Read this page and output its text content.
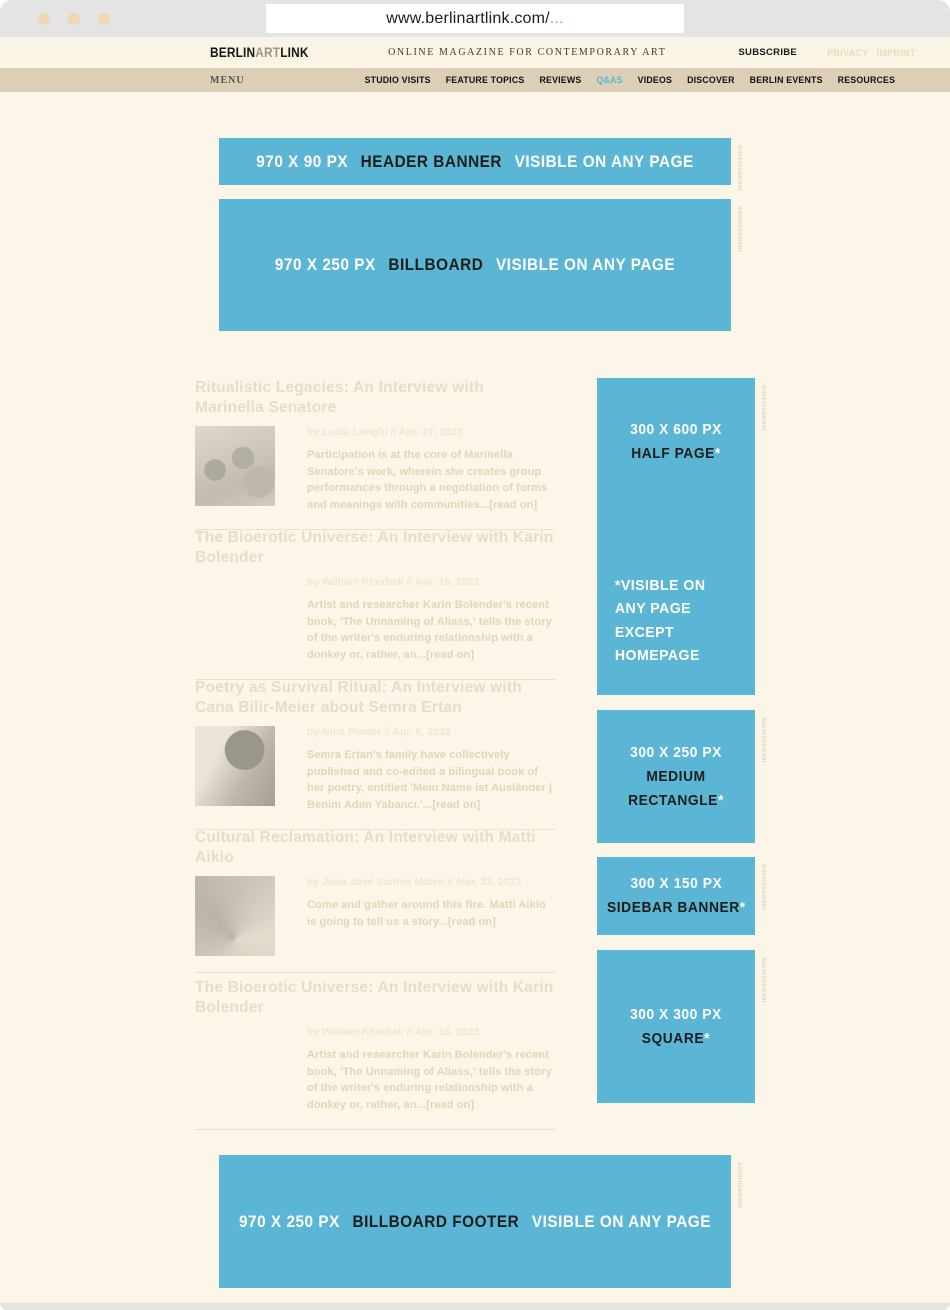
www.berlinartlink.com/ ...
BERLINARTLINK	ONLINE MAGAZINE FOR CONTEMPORARY ART	SUBSCRIBE	PRIVACY IMPRINT
MENU	STUDIO VISITS FEATURE TOPICS REVIEWS Q&AS VIDEOS DISCOVER BERLIN EVENTS RESOURCES
Advertisement
970 X 90 PX HEADER BANNER VISIBLE ON ANY PAGE
Advertisement
970 X 250 PX BILLBOARD VISIBLE ON ANY PAGE
Ritualistic Legacies: An Interview with Marinella Senatore
by Lucia Longhi // Apr. 27, 2023
Participation is at the core of Marinella Senatore's work, wherein she creates group performances through a negotiation of forms and meanings with communities...[read on]
The Bioerotic Universe: An Interview with Karin Bolender
by William Kherbek // Apr. 16, 2023
Artist and researcher Karin Bolender's recent book, 'The Unnaming of Aliass,' tells the story of the writer's enduring relationship with a donkey or, rather, an...[read on]
Poetry as Survival Ritual: An Interview with Cana Bilir-Meier about Semra Ertan
by Nina Prader // Apr. 6, 2023
Semra Ertan's family have collectively published and co-edited a bilingual book of her poetry, entitled 'Mein Name ist Ausländer | Benim Adım Yabancı.'...[read on]
Cultural Reclamation: An Interview with Matti Aikio
by Juan José Santos Mateo // Mar. 23, 2023
Come and gather around this fire. Matti Aikio is going to tell us a story...[read on]
The Bioerotic Universe: An Interview with Karin Bolender
by William Kherbek // Apr. 16, 2023
Artist and researcher Karin Bolender's recent book, 'The Unnaming of Aliass,' tells the story of the writer's enduring relationship with a donkey or, rather, an...[read on]
Advertisement
300 X 600 PX
HALF PAGE*
*VISIBLE ON ANY PAGE EXCEPT HOMEPAGE
Advertisement
300 X 250 PX
MEDIUM RECTANGLE*
Advertisement
300 X 150 PX
SIDEBAR BANNER*
Advertisement
300 X 300 PX
SQUARE*
Advertisement
970 X 250 PX BILLBOARD FOOTER VISIBLE ON ANY PAGE
